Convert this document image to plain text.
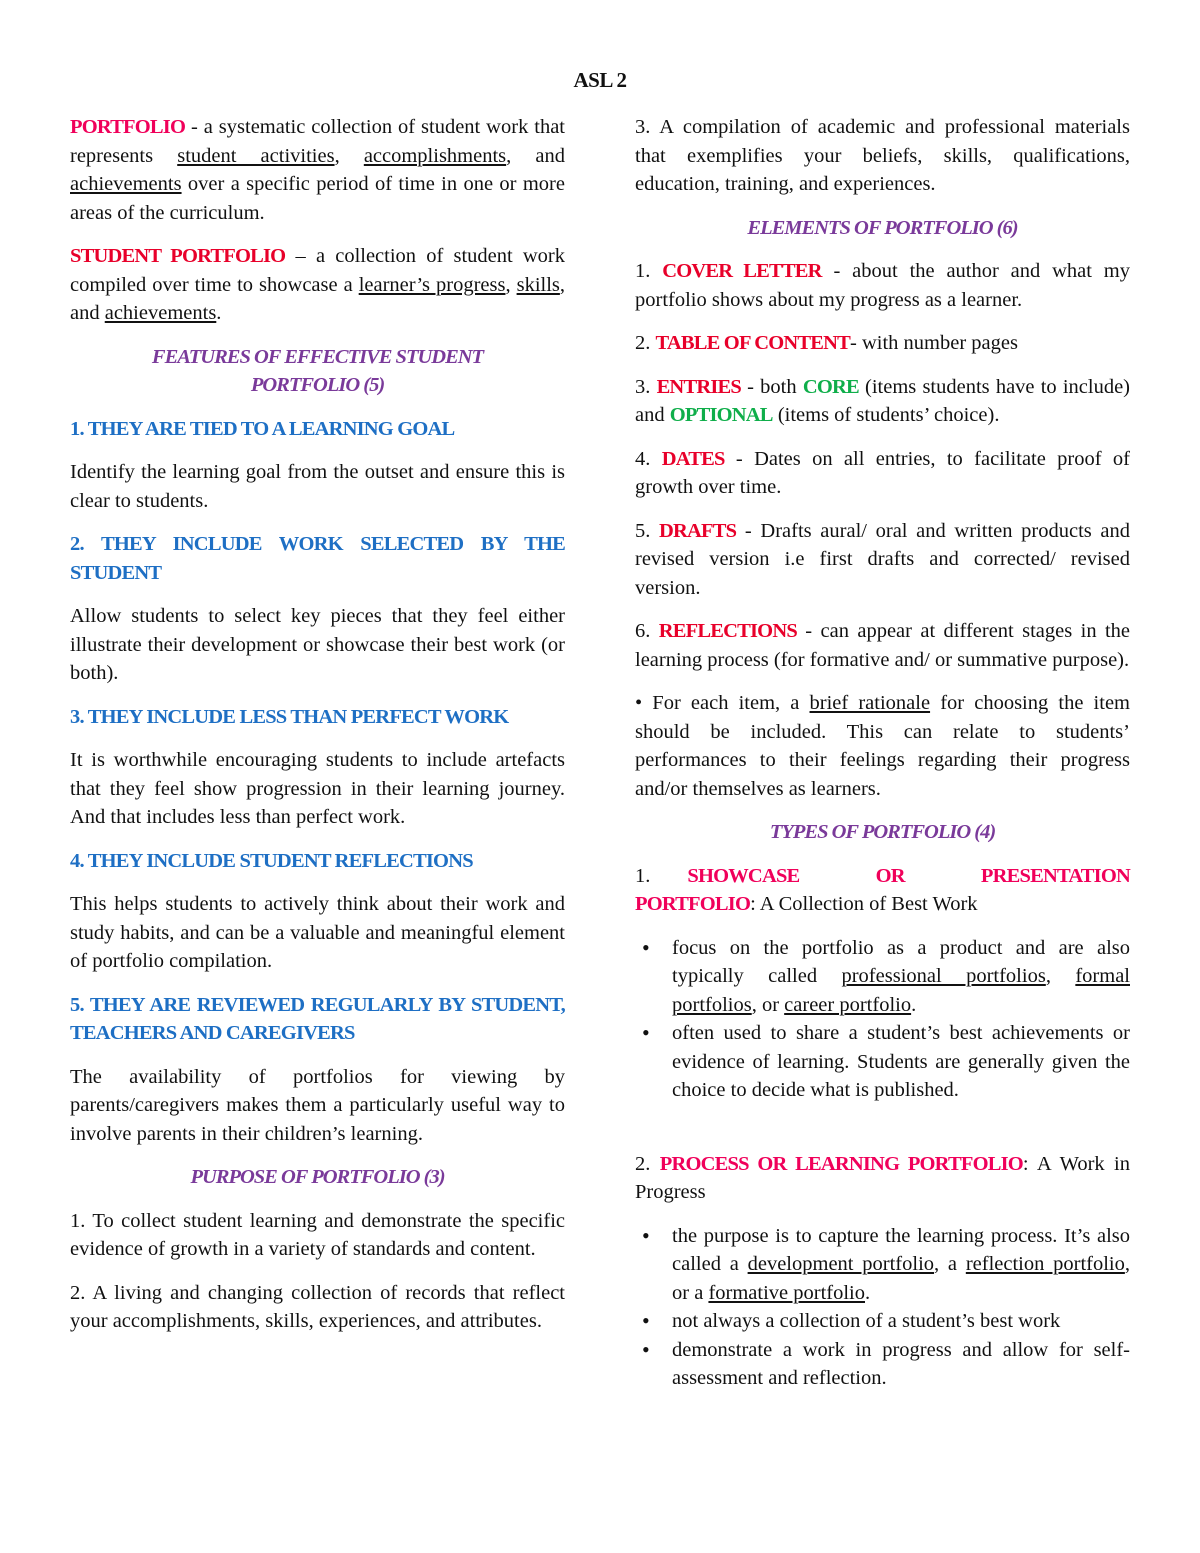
ASL 2

PORTFOLIO - a systematic collection of student work that represents student activities, accomplishments, and achievements over a specific period of time in one or more areas of the curriculum.

STUDENT PORTFOLIO – a collection of student work compiled over time to showcase a learner’s progress, skills, and achievements.

FEATURES OF EFFECTIVE STUDENT PORTFOLIO (5)
1. THEY ARE TIED TO A LEARNING GOAL

Identify the learning goal from the outset and ensure this is clear to students.

2. THEY INCLUDE WORK SELECTED BY THE STUDENT

Allow students to select key pieces that they feel either illustrate their development or showcase their best work (or both).

3. THEY INCLUDE LESS THAN PERFECT WORK

It is worthwhile encouraging students to include artefacts that they feel show progression in their learning journey. And that includes less than perfect work.

4. THEY INCLUDE STUDENT REFLECTIONS

This helps students to actively think about their work and study habits, and can be a valuable and meaningful element of portfolio compilation.

5. THEY ARE REVIEWED REGULARLY BY STUDENT, TEACHERS AND CAREGIVERS

The availability of portfolios for viewing by parents/caregivers makes them a particularly useful way to involve parents in their children’s learning.

PURPOSE OF PORTFOLIO (3)

1. To collect student learning and demonstrate the specific evidence of growth in a variety of standards and content.

2. A living and changing collection of records that reflect your accomplishments, skills, experiences, and attributes.

3. A compilation of academic and professional materials that exemplifies your beliefs, skills, qualifications, education, training, and experiences.

ELEMENTS OF PORTFOLIO (6)

1. COVER LETTER - about the author and what my portfolio shows about my progress as a learner.

2. TABLE OF CONTENT- with number pages

3. ENTRIES - both CORE (items students have to include) and OPTIONAL (items of students’ choice).

4. DATES - Dates on all entries, to facilitate proof of growth over time.

5. DRAFTS - Drafts aural/ oral and written products and revised version i.e first drafts and corrected/ revised version.

6. REFLECTIONS - can appear at different stages in the learning process (for formative and/ or summative purpose).

• For each item, a brief rationale for choosing the item should be included. This can relate to students’ performances to their feelings regarding their progress and/or themselves as learners.

TYPES OF PORTFOLIO (4)

1. SHOWCASE OR PRESENTATION PORTFOLIO: A Collection of Best Work

• focus on the portfolio as a product and are also typically called professional portfolios, formal portfolios, or career portfolio.
• often used to share a student’s best achievements or evidence of learning. Students are generally given the choice to decide what is published.

2. PROCESS OR LEARNING PORTFOLIO: A Work in Progress

• the purpose is to capture the learning process. It’s also called a development portfolio, a reflection portfolio, or a formative portfolio.
• not always a collection of a student’s best work
• demonstrate a work in progress and allow for self-assessment and reflection.
